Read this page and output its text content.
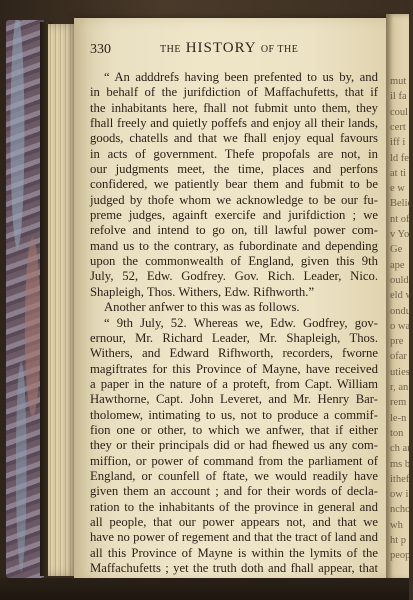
mut
il fa
coul
cert
iff i
ld fe
at ti
e w
Belie
nt of
v Yor
Ge
ape
ould
eld w
ondu
o wa
pre
ofar
uties
r, an
rem
le-n
ton
ch an
ms b
ithef
ow i
ncho
wh
ht p
peop
330	THE HISTORY OF THE
“ An adddrefs having been prefented to us by, and
in behalf of the jurifdiction of Maffachufetts, that if
the inhabitants here, fhall not fubmit unto them, they
fhall freely and quietly poffefs and enjoy all their lands,
goods, chatells and that we fhall enjoy equal favours
in acts of government. Thefe propofals are not, in
our judgments meet, the time, places and perfons
confidered, we patiently bear them and fubmit to be
judged by thofe whom we acknowledge to be our fu-
preme judges, againft exercife and jurifdiction ; we
refolve and intend to go on, till lawful power com-
mand us to the contrary, as fubordinate and depending
upon the commonwealth of England, given this 9th
July, 52, Edw. Godfrey. Gov. Rich. Leader, Nico.
Shapleigh, Thos. Withers, Edw. Rifhworth.”
Another anfwer to this was as follows.
“ 9th July, 52. Whereas we, Edw. Godfrey, gov-
ernour, Mr. Richard Leader, Mr. Shapleigh, Thos.
Withers, and Edward Rifhworth, recorders, fworne
magiftrates for this Province of Mayne, have received
a paper in the nature of a proteft, from Capt. William
Hawthorne, Capt. John Leveret, and Mr. Henry Bar-
tholomew, intimating to us, not to produce a commif-
fion one or other, to which we anfwer, that if either
they or their principals did or had fhewed us any com-
miffion, or power of command from the parliament of
England, or counfell of ftate, we would readily have
given them an account ; and for their words of decla-
ration to the inhabitants of the province in general and
all people, that our power appears not, and that we
have no power of regement and that the tract of land and
all this Province of Mayne is within the lymits of the
Maffachufetts ; yet the truth doth and fhall appear, that
